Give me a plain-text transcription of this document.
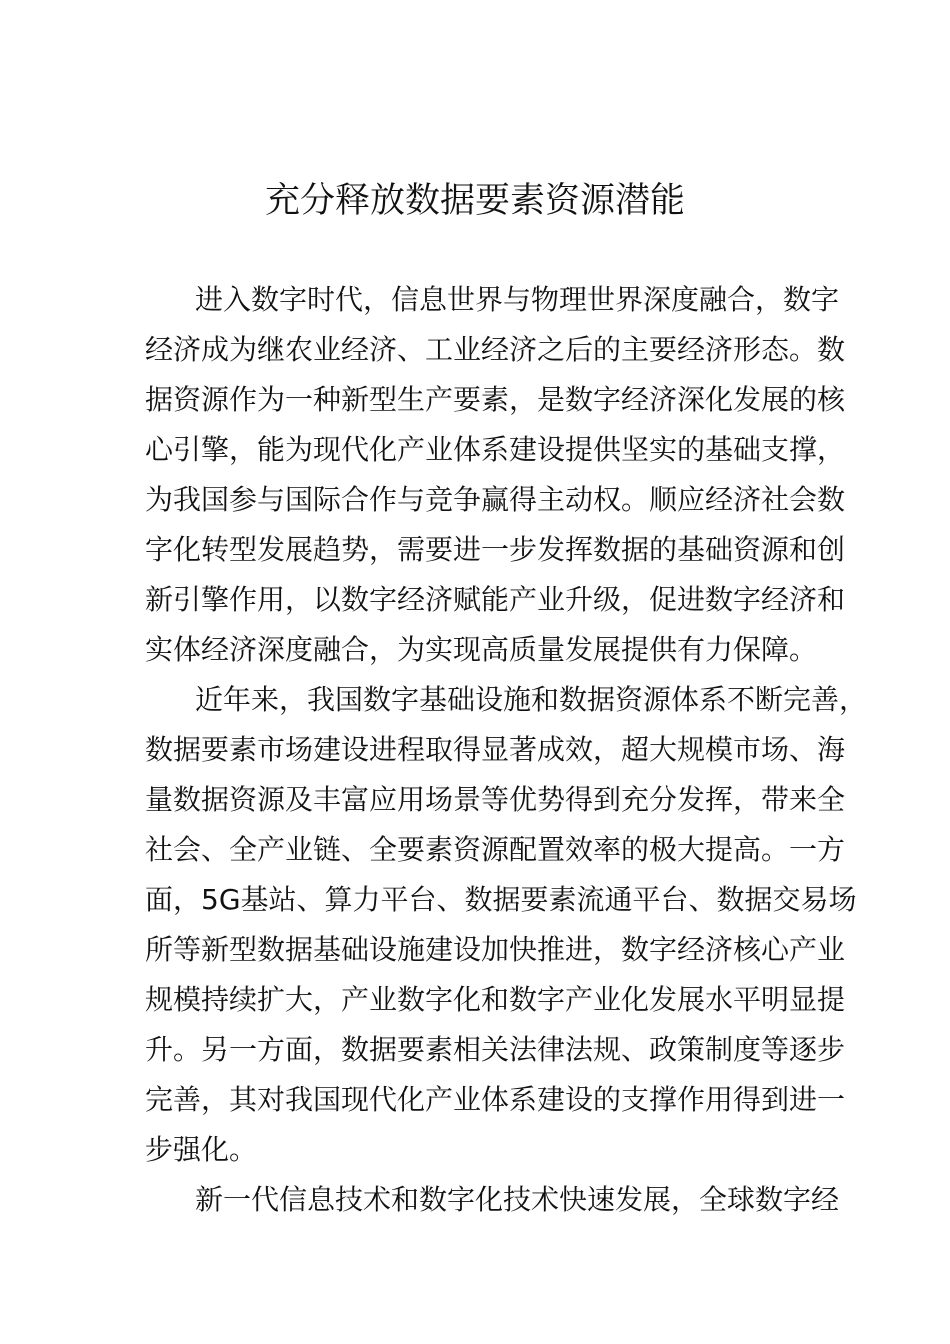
充分释放数据要素资源潜能
进入数字时代，信息世界与物理世界深度融合，数字
经济成为继农业经济、工业经济之后的主要经济形态。数
据资源作为一种新型生产要素，是数字经济深化发展的核
心引擎，能为现代化产业体系建设提供坚实的基础支撑，
为我国参与国际合作与竞争赢得主动权。顺应经济社会数
字化转型发展趋势，需要进一步发挥数据的基础资源和创
新引擎作用，以数字经济赋能产业升级，促进数字经济和
实体经济深度融合，为实现高质量发展提供有力保障。
近年来，我国数字基础设施和数据资源体系不断完善，
数据要素市场建设进程取得显著成效，超大规模市场、海
量数据资源及丰富应用场景等优势得到充分发挥，带来全
社会、全产业链、全要素资源配置效率的极大提高。一方
面，5G基站、算力平台、数据要素流通平台、数据交易场
所等新型数据基础设施建设加快推进，数字经济核心产业
规模持续扩大，产业数字化和数字产业化发展水平明显提
升。另一方面，数据要素相关法律法规、政策制度等逐步
完善，其对我国现代化产业体系建设的支撑作用得到进一
步强化。
新一代信息技术和数字化技术快速发展，全球数字经
